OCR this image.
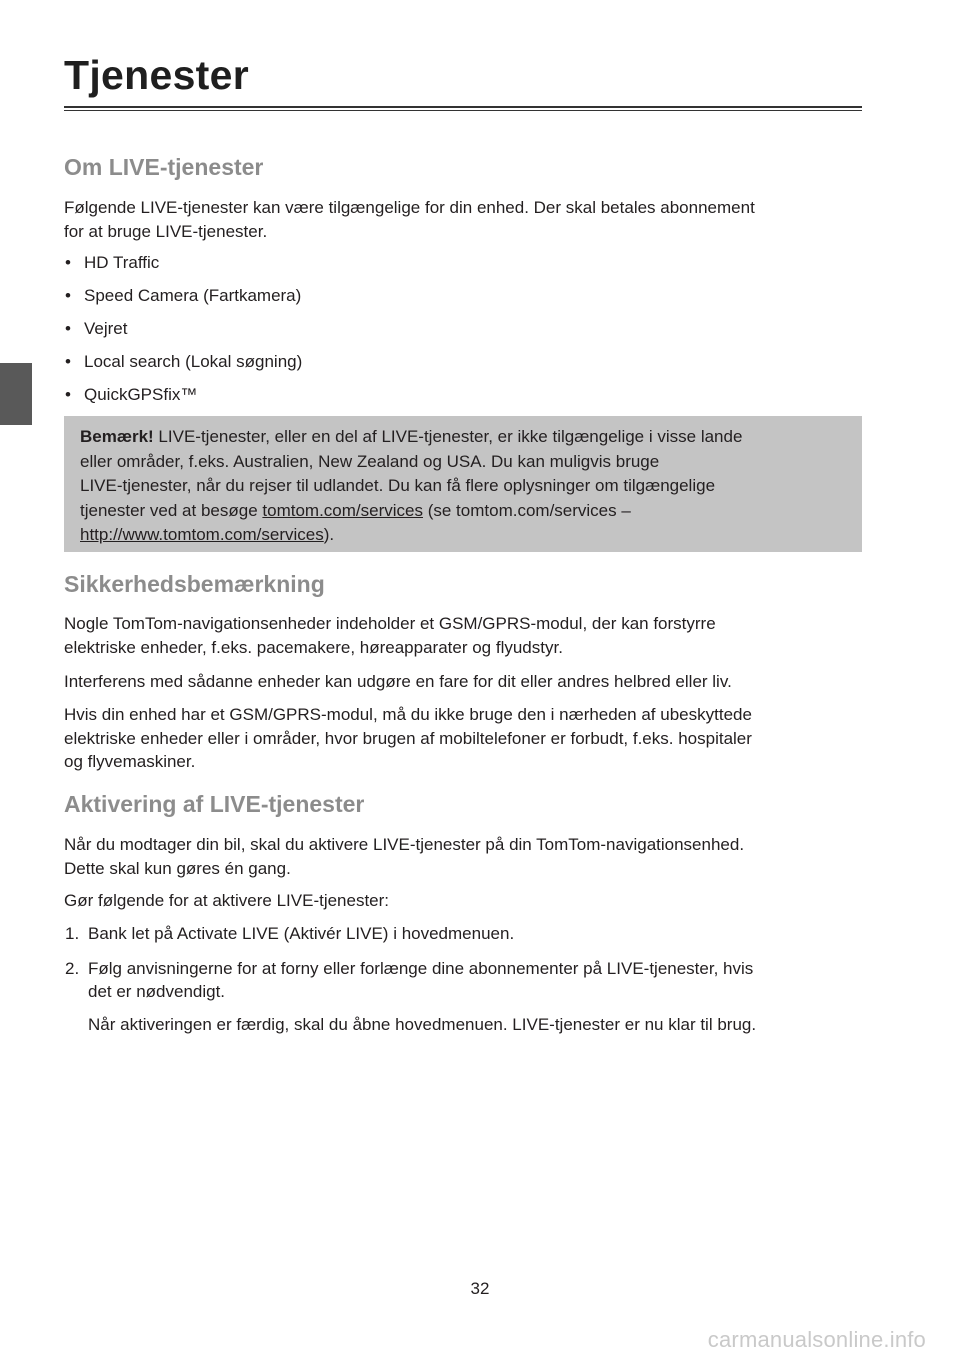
Tjenester
Om LIVE-tjenester

Følgende LIVE-tjenester kan være tilgængelige for din enhed. Der skal betales abonnement
for at bruge LIVE-tjenester.

• HD Traffic
• Speed Camera (Fartkamera)
• Vejret
• Local search (Lokal søgning)
• QuickGPSfix™

Bemærk! LIVE-tjenester, eller en del af LIVE-tjenester, er ikke tilgængelige i visse lande
eller områder, f.eks. Australien, New Zealand og USA. Du kan muligvis bruge
LIVE-tjenester, når du rejser til udlandet. Du kan få flere oplysninger om tilgængelige
tjenester ved at besøge tomtom.com/services (se tomtom.com/services –
http://www.tomtom.com/services).

Sikkerhedsbemærkning

Nogle TomTom-navigationsenheder indeholder et GSM/GPRS-modul, der kan forstyrre
elektriske enheder, f.eks. pacemakere, høreapparater og flyudstyr.

Interferens med sådanne enheder kan udgøre en fare for dit eller andres helbred eller liv.

Hvis din enhed har et GSM/GPRS-modul, må du ikke bruge den i nærheden af ubeskyttede
elektriske enheder eller i områder, hvor brugen af mobiltelefoner er forbudt, f.eks. hospitaler
og flyvemaskiner.

Aktivering af LIVE-tjenester

Når du modtager din bil, skal du aktivere LIVE-tjenester på din TomTom-navigationsenhed.
Dette skal kun gøres én gang.

Gør følgende for at aktivere LIVE-tjenester:

1. Bank let på Activate LIVE (Aktivér LIVE) i hovedmenuen.
2. Følg anvisningerne for at forny eller forlænge dine abonnementer på LIVE-tjenester, hvis
det er nødvendigt.

Når aktiveringen er færdig, skal du åbne hovedmenuen. LIVE-tjenester er nu klar til brug.

32

carmanualsonline.info
